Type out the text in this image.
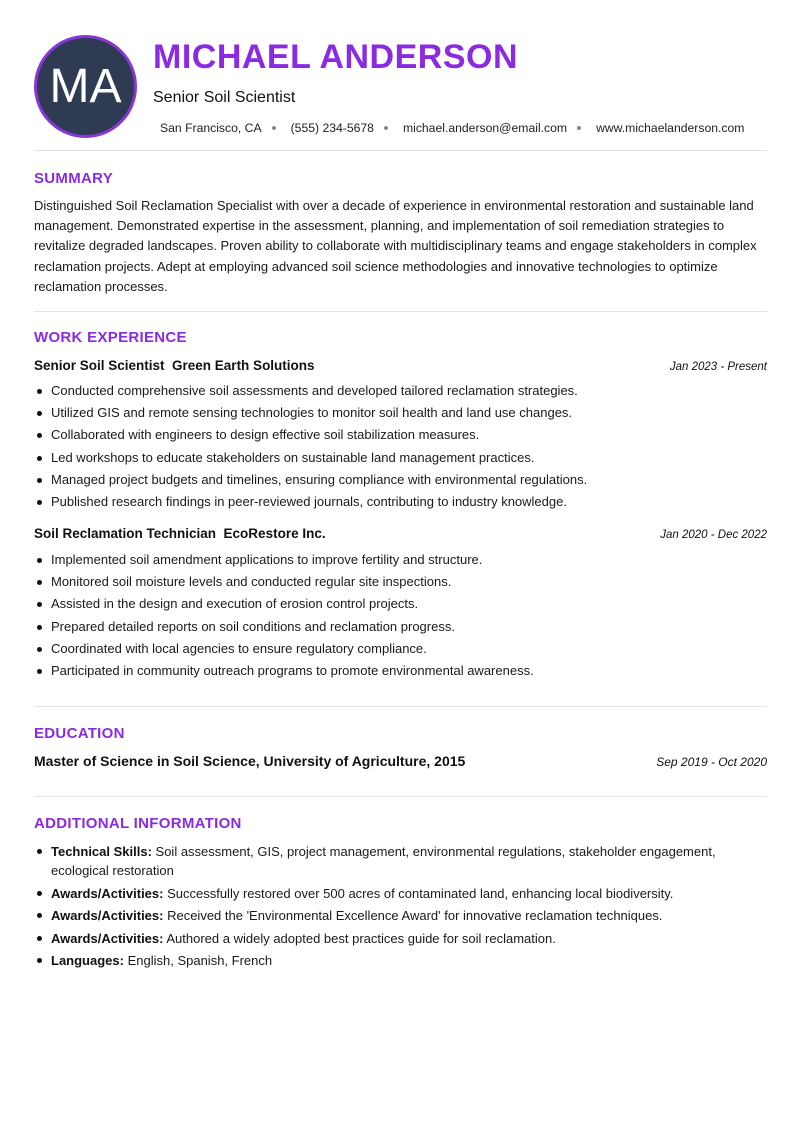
MA
MICHAEL ANDERSON
Senior Soil Scientist
San Francisco, CA (555) 234-5678 michael.anderson@email.com www.michaelanderson.com
SUMMARY

Distinguished Soil Reclamation Specialist with over a decade of experience in environmental restoration and sustainable land management. Demonstrated expertise in the assessment, planning, and implementation of soil remediation strategies to revitalize degraded landscapes. Proven ability to collaborate with multidisciplinary teams and engage stakeholders in complex reclamation projects. Adept at employing advanced soil science methodologies and innovative technologies to optimize reclamation processes.

WORK EXPERIENCE
Senior Soil Scientist  Green Earth Solutions	Jan 2023 - Present
Conducted comprehensive soil assessments and developed tailored reclamation strategies.
Utilized GIS and remote sensing technologies to monitor soil health and land use changes.
Collaborated with engineers to design effective soil stabilization measures.
Led workshops to educate stakeholders on sustainable land management practices.
Managed project budgets and timelines, ensuring compliance with environmental regulations.
Published research findings in peer-reviewed journals, contributing to industry knowledge.
Soil Reclamation Technician  EcoRestore Inc.	Jan 2020 - Dec 2022
Implemented soil amendment applications to improve fertility and structure.
Monitored soil moisture levels and conducted regular site inspections.
Assisted in the design and execution of erosion control projects.
Prepared detailed reports on soil conditions and reclamation progress.
Coordinated with local agencies to ensure regulatory compliance.
Participated in community outreach programs to promote environmental awareness.
EDUCATION
Master of Science in Soil Science, University of Agriculture, 2015	Sep 2019 - Oct 2020
ADDITIONAL INFORMATION
Technical Skills: Soil assessment, GIS, project management, environmental regulations, stakeholder engagement, ecological restoration
Awards/Activities: Successfully restored over 500 acres of contaminated land, enhancing local biodiversity.
Awards/Activities: Received the 'Environmental Excellence Award' for innovative reclamation techniques.
Awards/Activities: Authored a widely adopted best practices guide for soil reclamation.
Languages: English, Spanish, French
